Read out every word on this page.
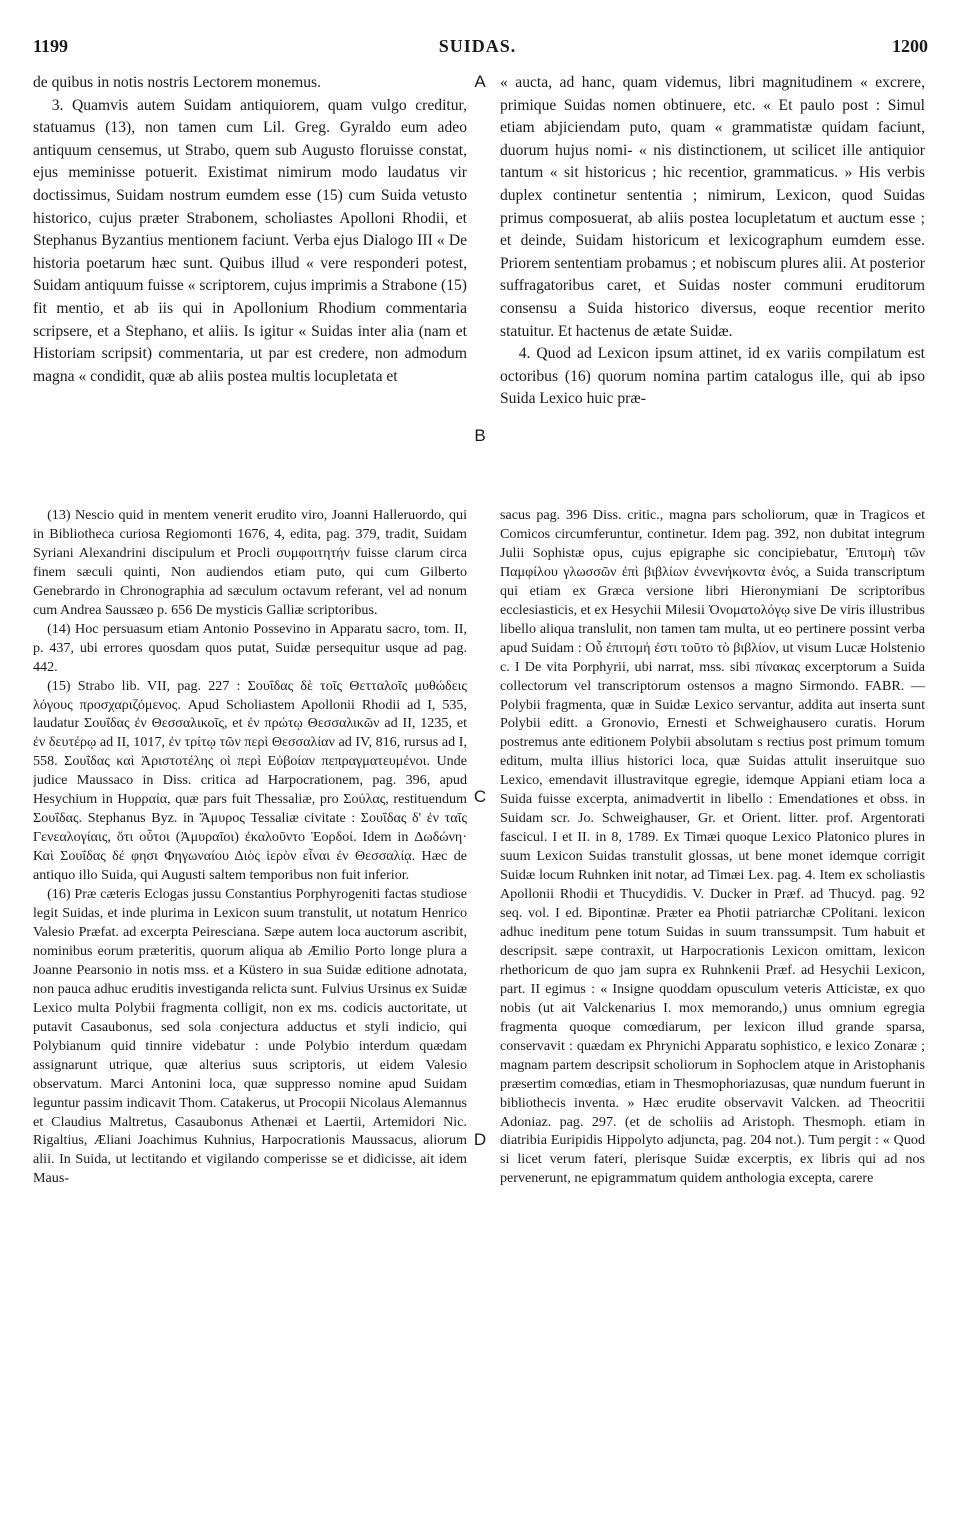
1199	SUIDAS.	1200
A
B
C
D

de quibus in notis nostris Lectorem monemus.

3. Quamvis autem Suidam antiquiorem, quam vulgo creditur, statuamus (13), non tamen cum Lil. Greg. Gyraldo eum adeo antiquum censemus, ut Strabo, quem sub Augusto floruisse constat, ejus meminisse potuerit. Existimat nimirum modo laudatus vir doctissimus, Suidam nostrum eumdem esse (15) cum Suida vetusto historico, cujus præter Strabonem, scholiastes Apolloni Rhodii, et Stephanus Byzantius mentionem faciunt. Verba ejus Dialogo III « De historia poetarum hæc sunt. Quibus illud « vere responderi potest, Suidam antiquum fuisse « scriptorem, cujus imprimis a Strabone (15) fit mentio, et ab iis qui in Apollonium Rhodium commentaria scripsere, et a Stephano, et aliis. Is igitur « Suidas inter alia (nam et Historiam scripsit) commentaria, ut par est credere, non admodum magna « condidit, quæ ab aliis postea multis locupletata et

« aucta, ad hanc, quam videmus, libri magnitudinem « excrere, primique Suidas nomen obtinuere, etc. « Et paulo post : Simul etiam abjiciendam puto, quam « grammatistæ quidam faciunt, duorum hujus nomi- « nis distinctionem, ut scilicet ille antiquior tantum « sit historicus ; hic recentior, grammaticus. » His verbis duplex continetur sententia ; nimirum, Lexicon, quod Suidas primus composuerat, ab aliis postea locupletatum et auctum esse ; et deinde, Suidam historicum et lexicographum eumdem esse. Priorem sententiam probamus ; et nobiscum plures alii. At posterior suffragatoribus caret, et Suidas noster communi eruditorum consensu a Suida historico diversus, eoque recentior merito statuitur. Et hactenus de ætate Suidæ.

4. Quod ad Lexicon ipsum attinet, id ex variis compilatum est octoribus (16) quorum nomina partim catalogus ille, qui ab ipso Suida Lexico huic præ-

(13) Nescio quid in mentem venerit erudito viro, Joanni Halleruordo, qui in Bibliotheca curiosa Regiomonti 1676, 4, edita, pag. 379, tradit, Suidam Syriani Alexandrini discipulum et Procli συμφοιτητήν fuisse clarum circa finem sæculi quinti, Non audiendos etiam puto, qui cum Gilberto Genebrardo in Chronographia ad sæculum octavum referant, vel ad nonum cum Andrea Saussæo p. 656 De mysticis Galliæ scriptoribus.

(14) Hoc persuasum etiam Antonio Possevino in Apparatu sacro, tom. II, p. 437, ubi errores quosdam quos putat, Suidæ persequitur usque ad pag. 442.

(15) Strabo lib. VII, pag. 227 : Σουΐδας δὲ τοῖς Θετταλοῖς μυθώδεις λόγους προσχαριζόμενος. Apud Scholiastem Apollonii Rhodii ad I, 535, laudatur Σουΐδας ἐν Θεσσαλικοῖς, et ἐν πρώτῳ Θεσσαλικῶν ad II, 1235, et ἐν δευτέρῳ ad II, 1017, ἐν τρίτῳ τῶν περὶ Θεσσαλίαν ad IV, 816, rursus ad I, 558. Σουΐδας καὶ Ἀριστοτέλης οἱ περὶ Εὐβοίαν πεπραγματευμένοι. Unde judice Maussaco in Diss. critica ad Harpocrationem, pag. 396, apud Hesychium in Ηυρραία, quæ pars fuit Thessaliæ, pro Σούλας, restituendum Σουΐδας. Stephanus Byz. in Ἄμυρος Tessaliæ civitate : Σουΐδας δ' ἐν ταῖς Γενεαλογίαις, ὅτι οὗτοι (Ἀμυραῖοι) ἐκαλοῦντο Ἐορδοί. Idem in Δωδώνη· Καὶ Σουΐδας δέ φησι Φηγωναίου Διὸς ἱερὸν εἶναι ἐν Θεσσαλίᾳ. Hæc de antiquo illo Suida, qui Augusti saltem temporibus non fuit inferior.

(16) Præ cæteris Eclogas jussu Constantius Porphyrogeniti factas studiose legit Suidas, et inde plurima in Lexicon suum transtulit, ut notatum Henrico Valesio Præfat. ad excerpta Peiresciana. Sæpe autem loca auctorum ascribit, nominibus eorum præteritis, quorum aliqua ab Æmilio Porto longe plura a Joanne Pearsonio in notis mss. et a Küstero in sua Suidæ editione adnotata, non pauca adhuc eruditis investiganda relicta sunt. Fulvius Ursinus ex Suidæ Lexico multa Polybii fragmenta colligit, non ex ms. codicis auctoritate, ut putavit Casaubonus, sed sola conjectura adductus et styli indicio, qui Polybianum quid tinnire videbatur : unde Polybio interdum quædam assignarunt utrique, quæ alterius suus scriptoris, ut eidem Valesio observatum. Marci Antonini loca, quæ suppresso nomine apud Suidam leguntur passim indicavit Thom. Catakerus, ut Procopii Nicolaus Alemannus et Claudius Maltretus, Casaubonus Athenæi et Laertii, Artemidori Nic. Rigaltius, Æliani Joachimus Kuhnius, Harpocrationis Maussacus, aliorum alii. In Suida, ut lectitando et vigilando comperisse se et didicisse, ait idem Maus-

sacus pag. 396 Diss. critic., magna pars scholiorum, quæ in Tragicos et Comicos circumferuntur, continetur. Idem pag. 392, non dubitat integrum Julii Sophistæ opus, cujus epigraphe sic concipiebatur, Ἐπιτομὴ τῶν Παμφίλου γλωσσῶν ἐπὶ βιβλίων ἐννενήκοντα ἑνός, a Suida transcriptum qui etiam ex Græca versione libri Hieronymiani De scriptoribus ecclesiasticis, et ex Hesychii Milesii Ὀνοματολόγῳ sive De viris illustribus libello aliqua translulit, non tamen tam multa, ut eo pertinere possint verba apud Suidam : Οὗ ἐπιτομή ἐστι τοῦτο τὸ βιβλίον, ut visum Lucæ Holstenio c. I De vita Porphyrii, ubi narrat, mss. sibi πίνακας excerptorum a Suida collectorum vel transcriptorum ostensos a magno Sirmondo. FABR. — Polybii fragmenta, quæ in Suidæ Lexico servantur, addita aut inserta sunt Polybii editt. a Gronovio, Ernesti et Schweighausero curatis. Horum postremus ante editionem Polybii absolutam s rectius post primum tomum editum, multa illius historici loca, quæ Suidas attulit inseruitque suo Lexico, emendavit illustravitque egregie, idemque Appiani etiam loca a Suida fuisse excerpta, animadvertit in libello : Emendationes et obss. in Suidam scr. Jo. Schweighauser, Gr. et Orient. litter. prof. Argentorati fascicul. I et II. in 8, 1789. Ex Timæi quoque Lexico Platonico plures in suum Lexicon Suidas transtulit glossas, ut bene monet idemque corrigit Suidæ locum Ruhnken init notar, ad Timæi Lex. pag. 4. Item ex scholiastis Apollonii Rhodii et Thucydidis. V. Ducker in Præf. ad Thucyd. pag. 92 seq. vol. I ed. Bipontinæ. Præter ea Photii patriarchæ CPolitani. lexicon adhuc ineditum pene totum Suidas in suum transsumpsit. Tum habuit et descripsit. sæpe contraxit, ut Harpocrationis Lexicon omittam, lexicon rhethoricum de quo jam supra ex Ruhnkenii Præf. ad Hesychii Lexicon, part. II egimus : « Insigne quoddam opusculum veteris Atticistæ, ex quo nobis (ut ait Valckenarius I. mox memorando,) unus omnium egregia fragmenta quoque comœdiarum, per lexicon illud grande sparsa, conservavit : quædam ex Phrynichi Apparatu sophistico, e lexico Zonaræ ; magnam partem descripsit scholiorum in Sophoclem atque in Aristophanis præsertim comœdias, etiam in Thesmophoriazusas, quæ nundum fuerunt in bibliothecis inventa. » Hæc erudite observavit Valcken. ad Theocritii Adoniaz. pag. 297. (et de scholiis ad Aristoph. Thesmoph. etiam in diatribia Euripidis Hippolyto adjuncta, pag. 204 not.). Tum pergit : « Quod si licet verum fateri, plerisque Suidæ excerptis, ex libris qui ad nos pervenerunt, ne epigrammatum quidem anthologia excepta, carere
